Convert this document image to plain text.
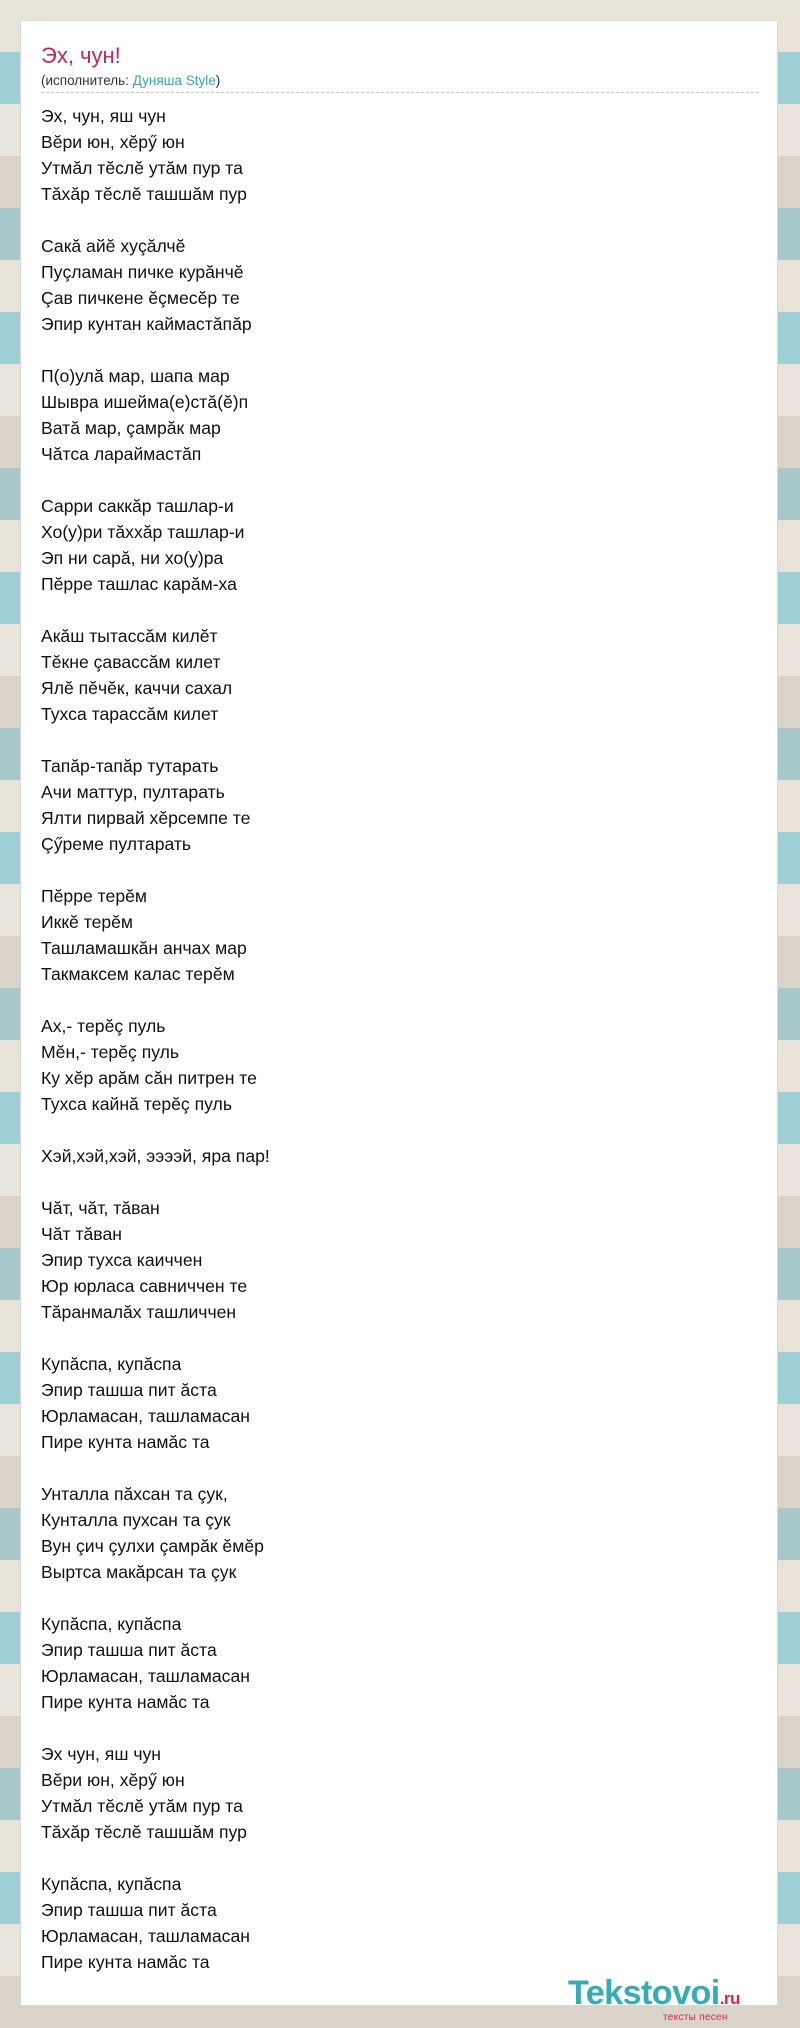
Эх, чун!
(исполнитель: Дуняша Style)
Эх, чун, яш чун
Вĕри юн, хĕрӳ юн
Утмăл тĕслĕ утăм пур та
Тăхăр тĕслĕ ташшăм пур
Сакă айĕ хуçăлчĕ
Пуçламан пичке курăнчĕ
Çав пичкене ĕçмесĕр те
Эпир кунтан каймастăпăр
П(о)улă мар, шапа мар
Шывра ишейма(е)стă(ĕ)п
Ватă мар, çамрăк мар
Чăтса лараймастăп
Сарри саккăр ташлар-и
Хо(у)ри тăххăр ташлар-и
Эп ни сарă, ни хо(у)ра
Пĕрре ташлас карăм-ха
Акăш тытассăм килĕт
Тĕкне çавассăм килет
Ялĕ пĕчĕк, каччи сахал
Тухса тарассăм килет
Тапăр-тапăр тутарать
Ачи маттур, пултарать
Ялти пирвай хĕрсемпе те
Çӳреме пултарать
Пĕрре терĕм
Иккĕ терĕм
Ташламашкăн анчах мар
Такмаксем калас терĕм
Ах,- терĕç пуль
Мĕн,- терĕç пуль
Ку хĕр арăм сăн питрен те
Тухса кайнă терĕç пуль
Хэй,хэй,хэй, ээээй, яра пар!
Чăт, чăт, тăван
Чăт тăван
Эпир тухса каиччен
Юр юрласа савниччен те
Тăранмалăх ташличчен
Купăспа, купăспа
Эпир ташша пит ăста
Юрламасан, ташламасан
Пире кунта намăс та
Унталла пăхсан та çук,
Кунталла пухсан та çук
Вун çич çулхи çамрăк ĕмĕр
Выртса макăрсан та çук
Купăспа, купăспа
Эпир ташша пит ăста
Юрламасан, ташламасан
Пире кунта намăс та
Эх чун, яш чун
Вĕри юн, хĕрӳ юн
Утмăл тĕслĕ утăм пур та
Тăхăр тĕслĕ ташшăм пур
Купăспа, купăспа
Эпир ташша пит ăста
Юрламасан, ташламасан
Пире кунта намăс та
Tekstovoi.ru
тексты песен
